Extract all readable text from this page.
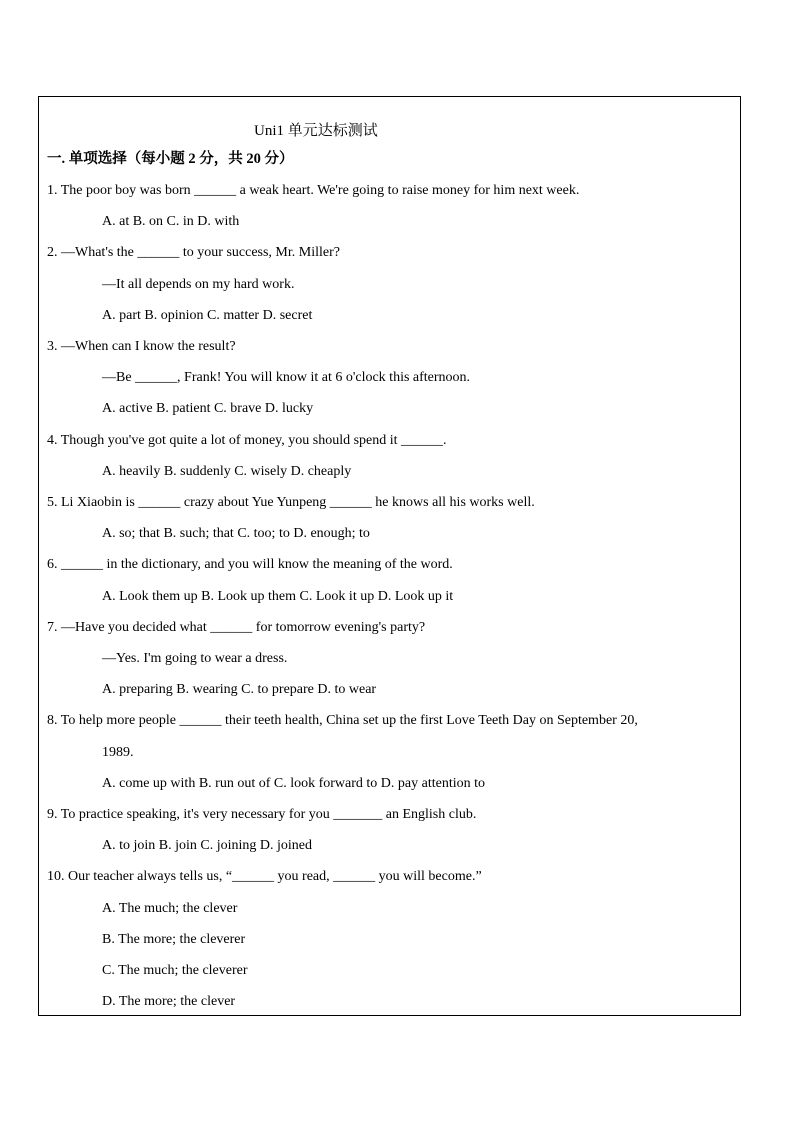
Uni1 单元达标测试
一. 单项选择（每小题 2 分，共 20 分）
1. The poor boy was born ______ a weak heart. We're going to raise money for him next week.
A. at B. on C. in D. with
2. —What's the ______ to your success, Mr. Miller?
—It all depends on my hard work.
A. part B. opinion C. matter D. secret
3. —When can I know the result?
—Be ______, Frank! You will know it at 6 o'clock this afternoon.
A. active B. patient C. brave D. lucky
4. Though you've got quite a lot of money, you should spend it ______.
A. heavily B. suddenly C. wisely D. cheaply
5. Li Xiaobin is ______ crazy about Yue Yunpeng ______ he knows all his works well.
A. so; that B. such; that C. too; to D. enough; to
6. ______ in the dictionary, and you will know the meaning of the word.
A. Look them up B. Look up them C. Look it up D. Look up it
7. —Have you decided what ______ for tomorrow evening's party?
—Yes. I'm going to wear a dress.
A. preparing B. wearing C. to prepare D. to wear
8. To help more people ______ their teeth health, China set up the first Love Teeth Day on September 20,
1989.
A. come up with B. run out of C. look forward to D. pay attention to
9. To practice speaking, it's very necessary for you _______ an English club.
A. to join B. join C. joining D. joined
10. Our teacher always tells us, “______ you read, ______ you will become.”
A. The much; the clever
B. The more; the cleverer
C. The much; the cleverer
D. The more; the clever
